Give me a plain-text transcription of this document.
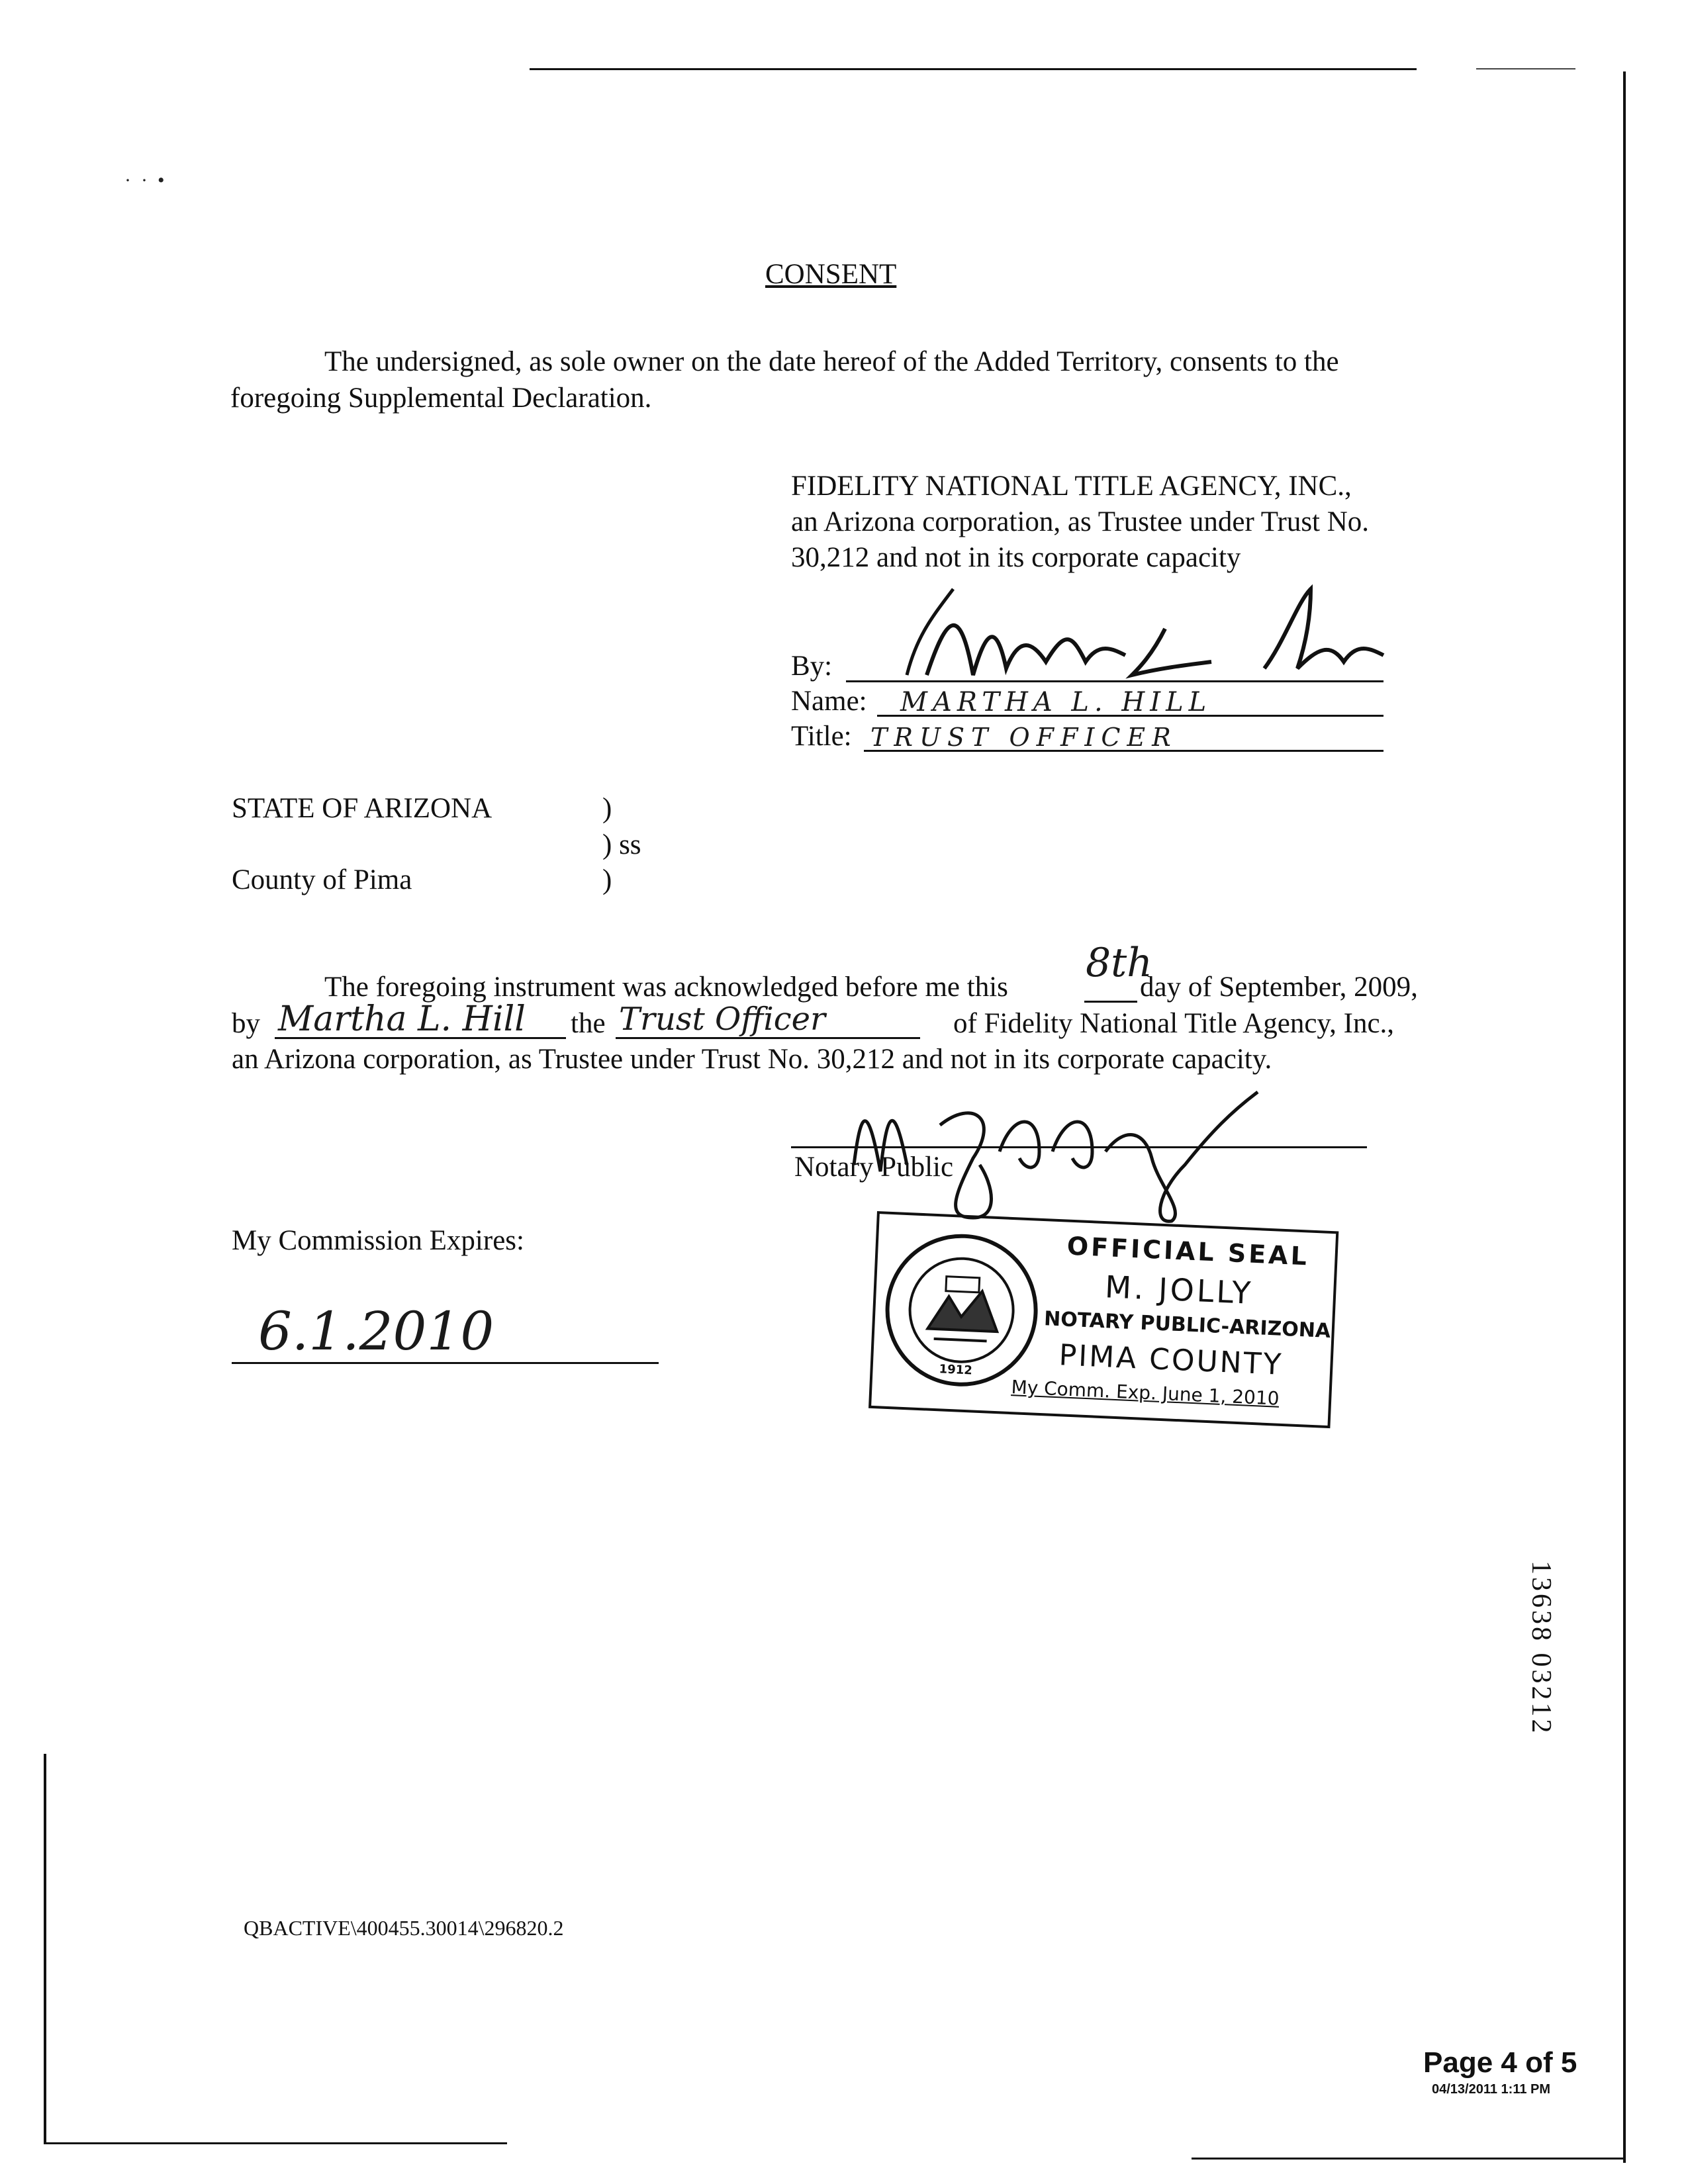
·  ·  •
CONSENT
The undersigned, as sole owner on the date hereof of the Added Territory, consents to the
foregoing Supplemental Declaration.
FIDELITY NATIONAL TITLE AGENCY, INC.,
an Arizona corporation, as Trustee under Trust No.
30,212 and not in its corporate capacity
By:
Name: MARTHA L. HILL
Title: TRUST OFFICER
STATE OF ARIZONA
County of Pima
)
) ss
)
The foregoing instrument was acknowledged before me this
8th
day of September, 2009,
by Martha L. Hill the Trust Officer	of Fidelity National Title Agency, Inc.,
an Arizona corporation, as Trustee under Trust No. 30,212 and not in its corporate capacity.
Notary Public
My Commission Expires:
6.1.2010
1912
OFFICIAL SEAL
M. JOLLY
NOTARY PUBLIC-ARIZONA
PIMA COUNTY
My Comm. Exp. June 1, 2010
13638 03212
QBACTIVE\400455.30014\296820.2
Page 4 of 5
04/13/2011 1:11 PM
